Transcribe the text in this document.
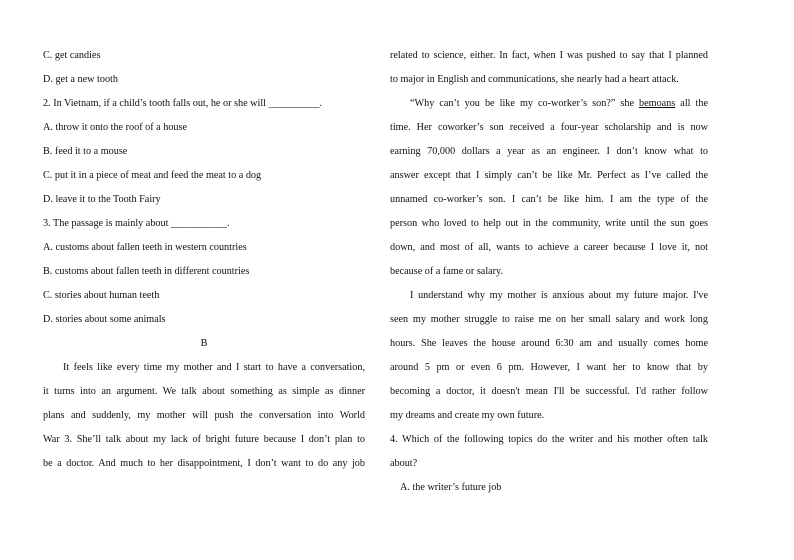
C. get candies

D. get a new tooth

2. In Vietnam, if a child’s tooth falls out, he or she will __________.

A. throw it onto the roof of a house

B. feed it to a mouse

C. put it in a piece of meat and feed the meat to a dog

D. leave it to the Tooth Fairy

3. The passage is mainly about ___________.

A. customs about fallen teeth in western countries

B. customs about fallen teeth in different countries

C. stories about human teeth

D. stories about some animals

B

It feels like every time my mother and I start to have a conversation,

it turns into an argument. We talk about something as simple as dinner

plans and suddenly, my mother will push the conversation into World

War 3. She’ll talk about my lack of bright future because I don’t plan to

be a doctor. And much to her disappointment, I don’t want to do any job

related to science, either. In fact, when I was pushed to say that I planned

to major in English and communications, she nearly had a heart attack.

“Why can’t you be like my co-worker’s son?” she bemoans all the

time. Her coworker’s son received a four-year scholarship and is now

earning 70,000 dollars a year as an engineer. I don’t know what to

answer except that I simply can’t be like Mr. Perfect as I’ve called the

unnamed co-worker’s son. I can’t be like him. I am the type of the

person who loved to help out in the community, write until the sun goes

down, and most of all, wants to achieve a career because I love it, not

because of a fame or salary.

I understand why my mother is anxious about my future major. I've

seen my mother struggle to raise me on her small salary and work long

hours. She leaves the house around 6:30 am and usually comes home

around 5 pm or even 6 pm. However, I want her to know that by

becoming a doctor, it doesn't mean I'll be successful. I'd rather follow

my dreams and create my own future.

4. Which of the following topics do the writer and his mother often talk

about?

A. the writer’s future job
